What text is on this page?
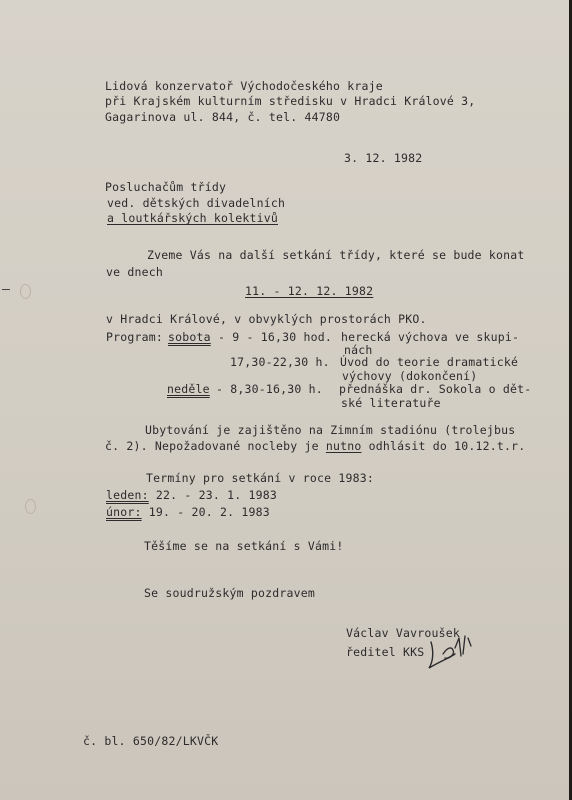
Lidová konzervatoř Východočeského kraje
při Krajském kulturním středisku v Hradci Králové 3,
Gagarinova ul. 844, č. tel. 44780
3. 12. 1982
Posluchačům třídy
ved. dětských divadelních
a loutkářských kolektivů
Zveme Vás na další setkání třídy, které se bude konat
ve dnech
11. - 12. 12. 1982
v Hradci Králové, v obvyklých prostorách PKO.
Program: sobota - 9 - 16,30 hod. herecká výchova ve skupi-
nách
17,30-22,30 h. Úvod do teorie dramatické
výchovy (dokončení)
neděle - 8,30-16,30 h. přednáška dr. Sokola o dět-
ské literatuře
Ubytování je zajištěno na Zimním stadiónu (trolejbus
č. 2). Nepožadované nocleby je nutno odhlásit do 10.12.t.r.
Termíny pro setkání v roce 1983:
leden: 22. - 23. 1. 1983
únor: 19. - 20. 2. 1983
Těšíme se na setkání s Vámi!
Se soudružským pozdravem
Václav Vavroušek
ředitel KKS
č. bl. 650/82/LKVČK
